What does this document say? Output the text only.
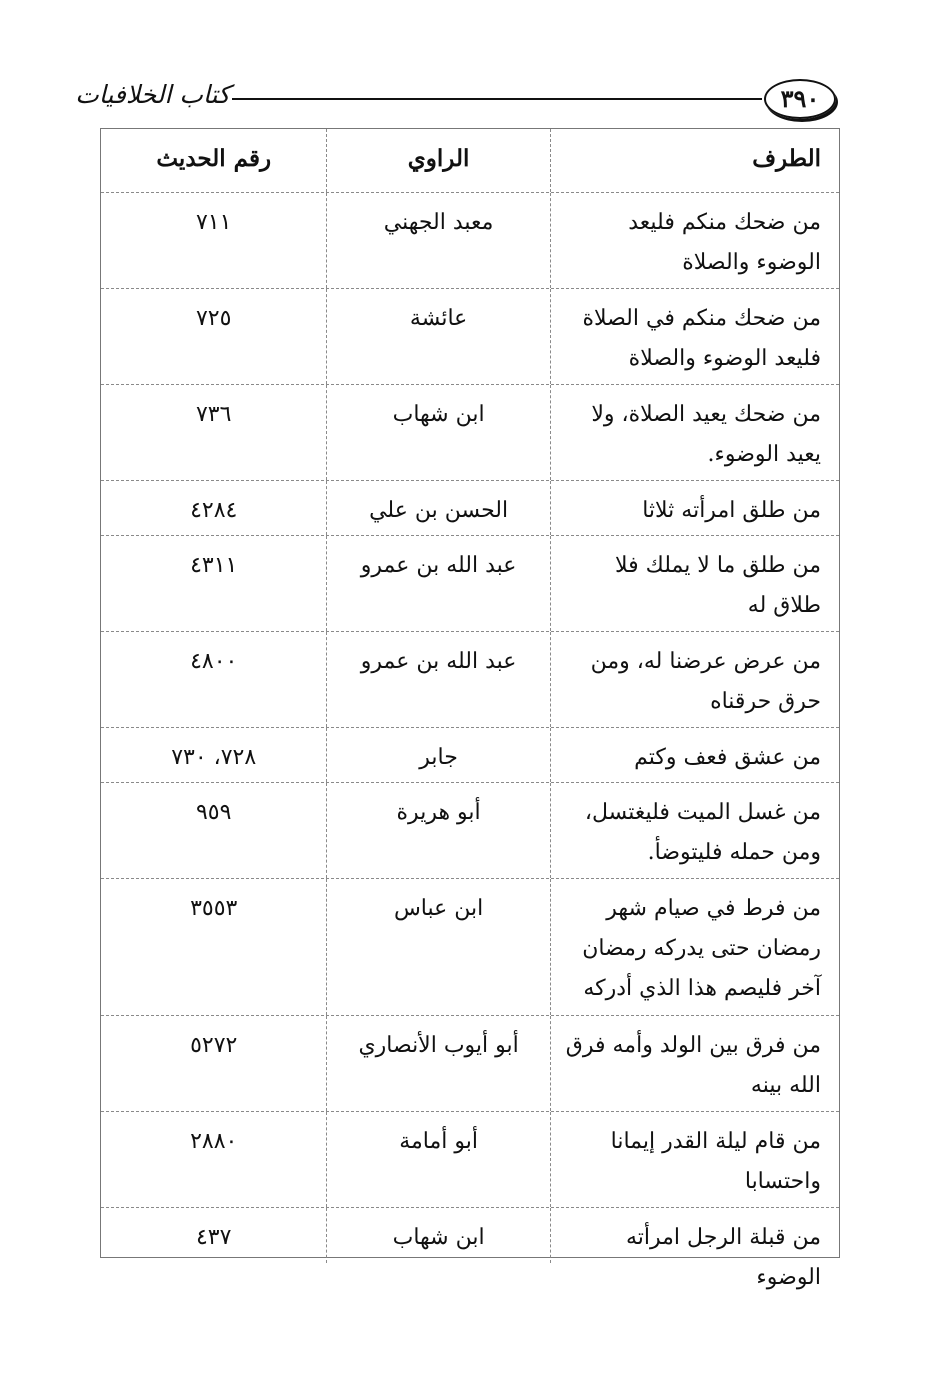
كتاب الخلافيات	٣٩٠
الطرف
الراوي
رقم الحديث
من ضحك منكم فليعد الوضوء والصلاة
معبد الجهني
٧١١
من ضحك منكم في الصلاة فليعد الوضوء والصلاة
عائشة
٧٢٥
من ضحك يعيد الصلاة، ولا يعيد الوضوء.
ابن شهاب
٧٣٦
من طلق امرأته ثلاثا
الحسن بن علي
٤٢٨٤
من طلق ما لا يملك فلا طلاق له
عبد الله بن عمرو
٤٣١١
من عرض عرضنا له، ومن حرق حرقناه
عبد الله بن عمرو
٤٨٠٠
من عشق فعف وكتم
جابر
٧٢٨، ٧٣٠
من غسل الميت فليغتسل، ومن حمله فليتوضأ.
أبو هريرة
٩٥٩
من فرط في صيام شهر رمضان حتى يدركه رمضان آخر فليصم هذا الذي أدركه
ابن عباس
٣٥٥٣
من فرق بين الولد وأمه فرق الله بينه
أبو أيوب الأنصاري
٥٢٧٢
من قام ليلة القدر إيمانا واحتسابا
أبو أمامة
٢٨٨٠
من قبلة الرجل امرأته الوضوء
ابن شهاب
٤٣٧
